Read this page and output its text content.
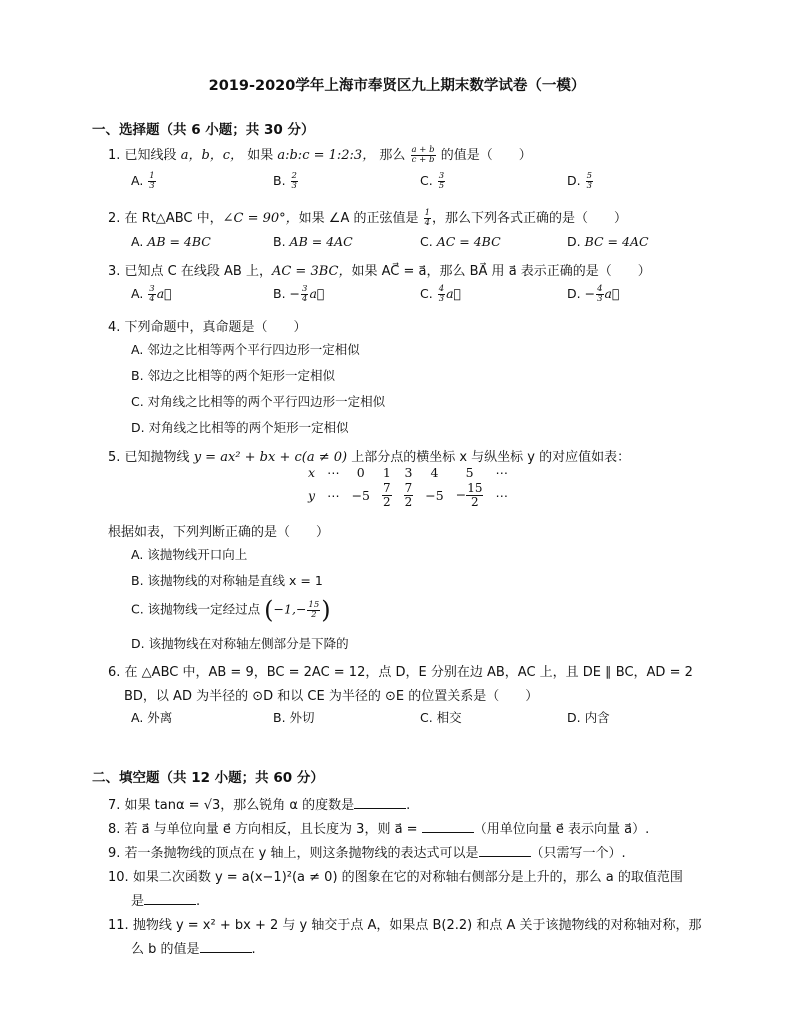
2019-2020学年上海市奉贤区九上期末数学试卷（一模）
一、选择题（共 6 小题；共 30 分）
1. 已知线段 a，b，c， 如果 a:b:c = 1:2:3， 那么 $\frac{a + b}{c + b}$ 的值是（　　）
A. $\frac{1}{3}$	B. $\frac{2}{3}$	C. $\frac{3}{5}$	D. $\frac{5}{3}$
2. 在 Rt△ABC 中，∠C = 90°，如果 ∠A 的正弦值是 $\frac{1}{4}$ ，那么下列各式正确的是（　　）
A. AB = 4BC	B. AB = 4AC	C. AC = 4BC	D. BC = 4AC
3. 已知点 C 在线段 AB 上，AC = 3BC，如果 AC⃗ = a⃗，那么 BA⃗ 用 a⃗ 表示正确的是（　　）
A. $\frac{3}{4}$ a⃗	B. − $\frac{3}{4}$ a⃗	C. $\frac{4}{3}$ a⃗	D. − $\frac{4}{3}$ a⃗
4. 下列命题中，真命题是（　　）
A. 邻边之比相等两个平行四边形一定相似
B. 邻边之比相等的两个矩形一定相似
C. 对角线之比相等的两个平行四边形一定相似
D. 对角线之比相等的两个矩形一定相似
5. 已知抛物线 y = ax² + bx + c(a ≠ 0) 上部分点的横坐标 x 与纵坐标 y 的对应值如表：
x	⋯	0	1	3	4	5	⋯
y	⋯	−5	$\frac{7}{2}$	$\frac{7}{2}$	−5	− $\frac{15}{2}$	⋯
根据如表，下列判断正确的是（　　）
A. 该抛物线开口向上
B. 该抛物线的对称轴是直线 x = 1
C. 该抛物线一定经过点 ($-1,- \frac{15}{2}$ )
D. 该抛物线在对称轴左侧部分是下降的
6. 在 △ABC 中，AB = 9，BC = 2AC = 12，点 D，E 分别在边 AB，AC 上，且 DE ∥ BC，AD = 2
BD，以 AD 为半径的 ⊙D 和以 CE 为半径的 ⊙E 的位置关系是（　　）
A. 外离	B. 外切	C. 相交	D. 内含
二、填空题（共 12 小题；共 60 分）
7. 如果 tanα = √3，那么锐角 α 的度数是	.
8. 若 a⃗ 与单位向量 e⃗ 方向相反，且长度为 3，则 a⃗ =	（用单位向量 e⃗ 表示向量 a⃗）.
9. 若一条抛物线的顶点在 y 轴上，则这条抛物线的表达式可以是	（只需写一个）.
10. 如果二次函数 y = a(x−1)²(a ≠ 0) 的图象在它的对称轴右侧部分是上升的，那么 a 的取值范围
是	.
11. 抛物线 y = x² + bx + 2 与 y 轴交于点 A，如果点 B(2.2) 和点 A 关于该抛物线的对称轴对称，那
么 b 的值是	.
